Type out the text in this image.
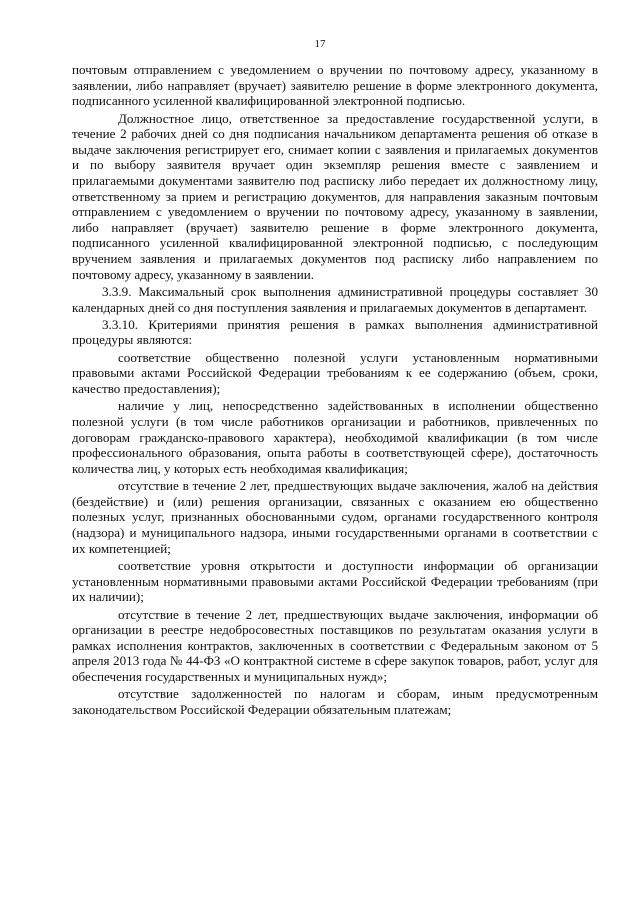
17

почтовым отправлением с уведомлением о вручении по почтовому адресу, указанному в заявлении, либо направляет (вручает) заявителю решение в форме электронного документа, подписанного усиленной квалифицированной электронной подписью.

Должностное лицо, ответственное за предоставление государственной услуги, в течение 2 рабочих дней со дня подписания начальником департамента решения об отказе в выдаче заключения регистрирует его, снимает копии с заявления и прилагаемых документов и по выбору заявителя вручает один экземпляр решения вместе с заявлением и прилагаемыми документами заявителю под расписку либо передает их должностному лицу, ответственному за прием и регистрацию документов, для направления заказным почтовым отправлением с уведомлением о вручении по почтовому адресу, указанному в заявлении, либо направляет (вручает) заявителю решение в форме электронного документа, подписанного усиленной квалифицированной электронной подписью, с последующим вручением заявления и прилагаемых документов под расписку либо направлением по почтовому адресу, указанному в заявлении.

3.3.9. Максимальный срок выполнения административной процедуры составляет 30 календарных дней со дня поступления заявления и прилагаемых документов в департамент.

3.3.10. Критериями принятия решения в рамках выполнения административной процедуры являются:

соответствие общественно полезной услуги установленным нормативными правовыми актами Российской Федерации требованиям к ее содержанию (объем, сроки, качество предоставления);

наличие у лиц, непосредственно задействованных в исполнении общественно полезной услуги (в том числе работников организации и работников, привлеченных по договорам гражданско-правового характера), необходимой квалификации (в том числе профессионального образования, опыта работы в соответствующей сфере), достаточность количества лиц, у которых есть необходимая квалификация;

отсутствие в течение 2 лет, предшествующих выдаче заключения, жалоб на действия (бездействие) и (или) решения организации, связанных с оказанием ею общественно полезных услуг, признанных обоснованными судом, органами государственного контроля (надзора) и муниципального надзора, иными государственными органами в соответствии с их компетенцией;

соответствие уровня открытости и доступности информации об организации установленным нормативными правовыми актами Российской Федерации требованиям (при их наличии);

отсутствие в течение 2 лет, предшествующих выдаче заключения, информации об организации в реестре недобросовестных поставщиков по результатам оказания услуги в рамках исполнения контрактов, заключенных в соответствии с Федеральным законом от 5 апреля 2013 года № 44-ФЗ «О контрактной системе в сфере закупок товаров, работ, услуг для обеспечения государственных и муниципальных нужд»;

отсутствие задолженностей по налогам и сборам, иным предусмотренным законодательством Российской Федерации обязательным платежам;
